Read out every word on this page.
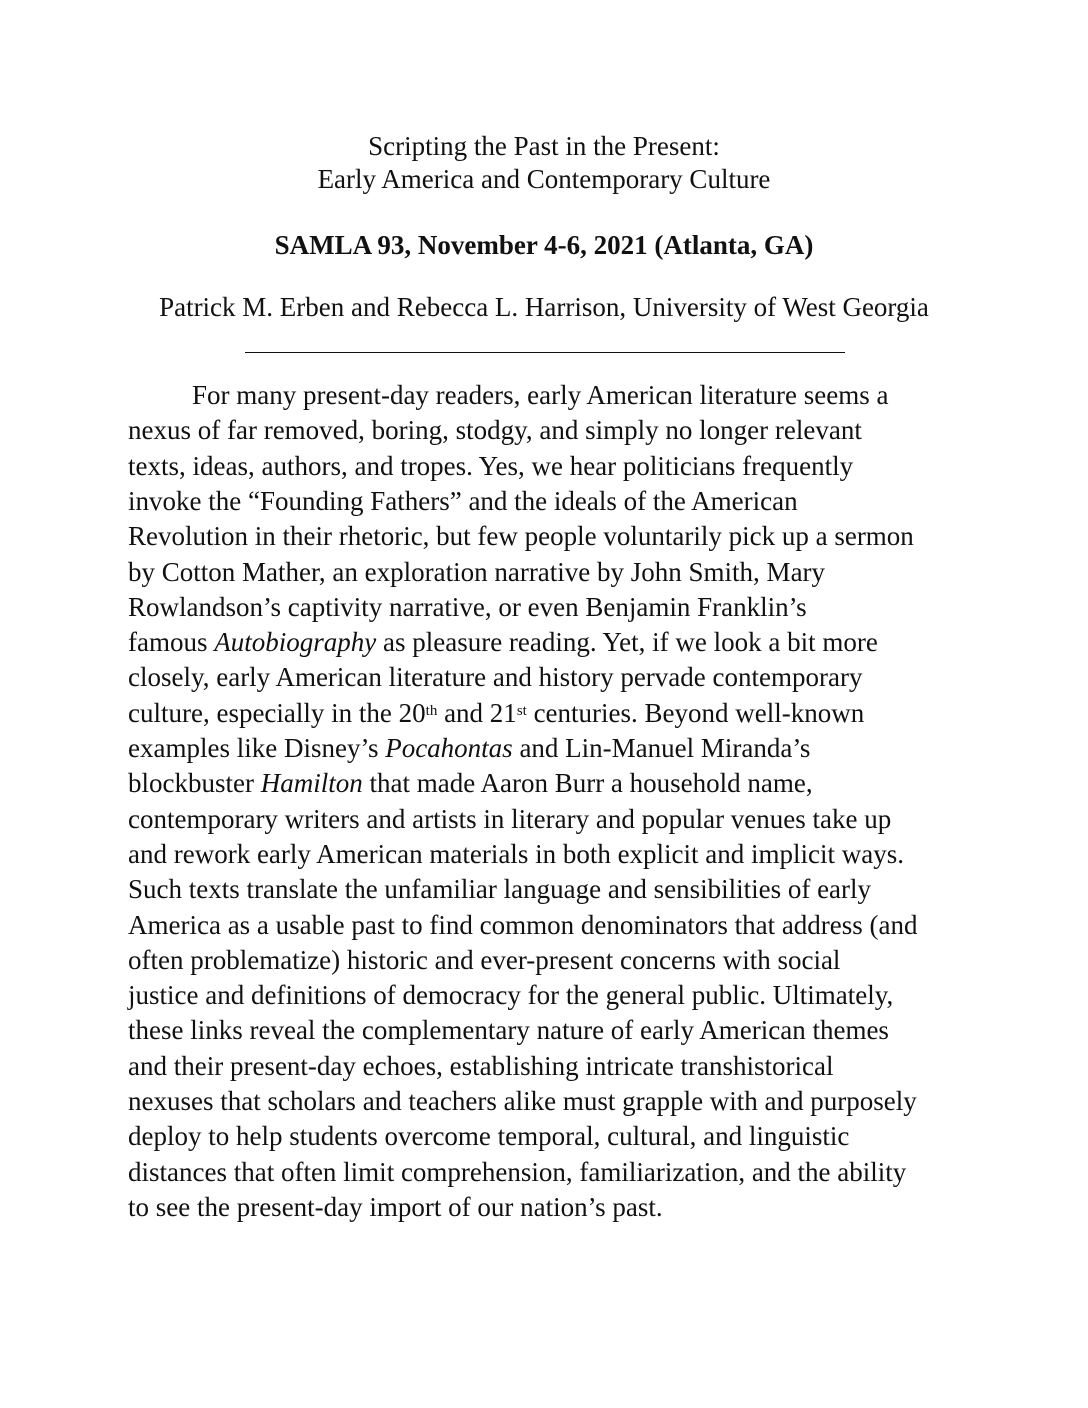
Scripting the Past in the Present:
Early America and Contemporary Culture
SAMLA 93, November 4-6, 2021 (Atlanta, GA)
Patrick M. Erben and Rebecca L. Harrison, University of West Georgia
For many present-day readers, early American literature seems a
nexus of far removed, boring, stodgy, and simply no longer relevant
texts, ideas, authors, and tropes. Yes, we hear politicians frequently
invoke the “Founding Fathers” and the ideals of the American
Revolution in their rhetoric, but few people voluntarily pick up a sermon
by Cotton Mather, an exploration narrative by John Smith, Mary
Rowlandson’s captivity narrative, or even Benjamin Franklin’s
famous Autobiography as pleasure reading. Yet, if we look a bit more
closely, early American literature and history pervade contemporary
culture, especially in the 20th and 21st centuries. Beyond well-known
examples like Disney’s Pocahontas and Lin-Manuel Miranda’s
blockbuster Hamilton that made Aaron Burr a household name,
contemporary writers and artists in literary and popular venues take up
and rework early American materials in both explicit and implicit ways.
Such texts translate the unfamiliar language and sensibilities of early
America as a usable past to find common denominators that address (and
often problematize) historic and ever-present concerns with social
justice and definitions of democracy for the general public. Ultimately,
these links reveal the complementary nature of early American themes
and their present-day echoes, establishing intricate transhistorical
nexuses that scholars and teachers alike must grapple with and purposely
deploy to help students overcome temporal, cultural, and linguistic
distances that often limit comprehension, familiarization, and the ability
to see the present-day import of our nation’s past.
